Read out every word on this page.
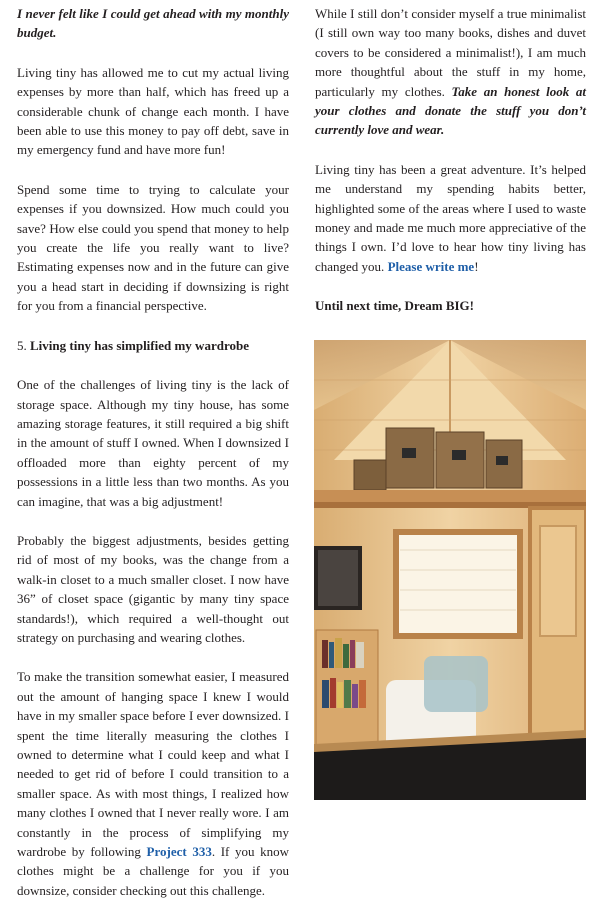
I never felt like I could get ahead with my monthly budget.

Living tiny has allowed me to cut my actual living expenses by more than half, which has freed up a considerable chunk of change each month. I have been able to use this money to pay off debt, save in my emergency fund and have more fun!

Spend some time to trying to calculate your expenses if you downsized. How much could you save? How else could you spend that money to help you create the life you really want to live? Estimating expenses now and in the future can give you a head start in deciding if downsizing is right for you from a financial perspective.

5. Living tiny has simplified my wardrobe

One of the challenges of living tiny is the lack of storage space. Although my tiny house, has some amazing storage features, it still required a big shift in the amount of stuff I owned. When I downsized I offloaded more than eighty percent of my possessions in a little less than two months. As you can imagine, that was a big adjustment!

Probably the biggest adjustments, besides getting rid of most of my books, was the change from a walk-in closet to a much smaller closet. I now have 36” of closet space (gigantic by many tiny space standards!), which required a well-thought out strategy on purchasing and wearing clothes.

To make the transition somewhat easier, I measured out the amount of hanging space I knew I would have in my smaller space before I ever downsized. I spent the time literally measuring the clothes I owned to determine what I could keep and what I needed to get rid of before I could transition to a smaller space. As with most things, I realized how many clothes I owned that I never really wore. I am constantly in the process of simplifying my wardrobe by following Project 333. If you know clothes might be a challenge for you if you downsize, consider checking out this challenge.

While I still don’t consider myself a true minimalist (I still own way too many books, dishes and duvet covers to be considered a minimalist!), I am much more thoughtful about the stuff in my home, particularly my clothes. Take an honest look at your clothes and donate the stuff you don’t currently love and wear.

Living tiny has been a great adventure. It’s helped me understand my spending habits better, highlighted some of the areas where I used to waste money and made me much more appreciative of the things I own. I’d love to hear how tiny living has changed you. Please write me!

Until next time, Dream BIG!
